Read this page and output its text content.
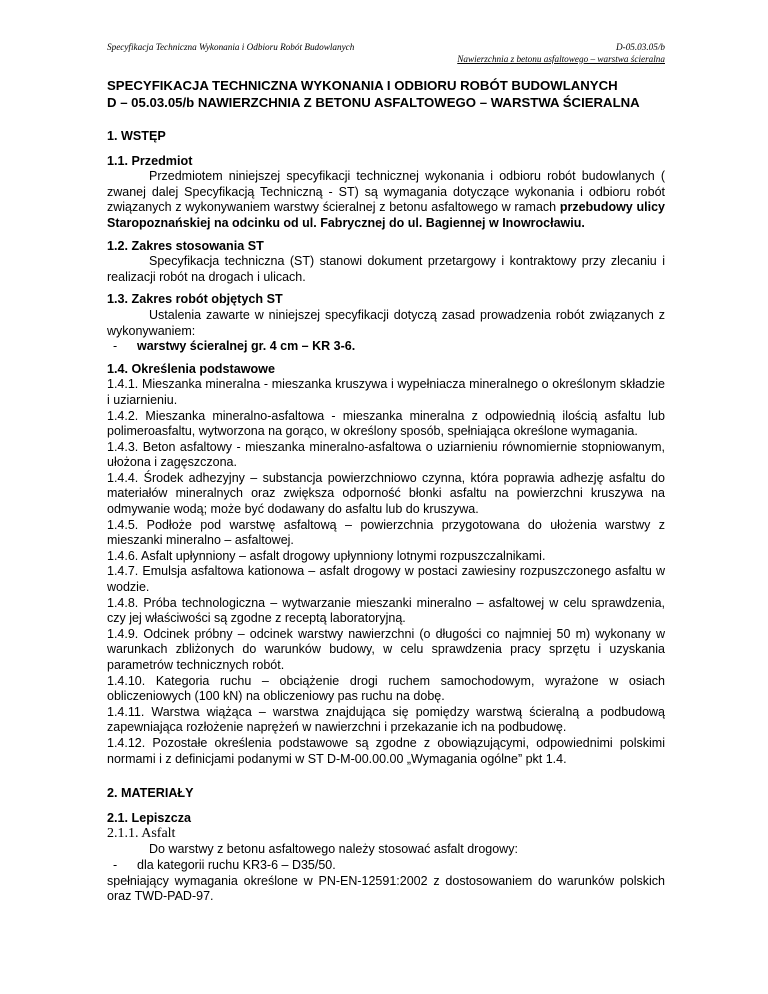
Specyfikacja Techniczna Wykonania i Odbioru Robót Budowlanych	D-05.03.05/b
Nawierzchnia z betonu asfaltowego – warstwa ścieralna

SPECYFIKACJA TECHNICZNA WYKONANIA I ODBIORU ROBÓT BUDOWLANYCH

D – 05.03.05/b NAWIERZCHNIA Z BETONU ASFALTOWEGO – WARSTWA ŚCIERALNA

1. WSTĘP

1.1. Przedmiot

Przedmiotem niniejszej specyfikacji technicznej wykonania i odbioru robót budowlanych ( zwanej dalej Specyfikacją Techniczną - ST) są wymagania dotyczące wykonania i odbioru robót związanych z wykonywaniem warstwy ścieralnej z betonu asfaltowego w ramach przebudowy ulicy Staropoznańskiej na odcinku od ul. Fabrycznej do ul. Bagiennej w Inowrocławiu.

1.2. Zakres stosowania ST

Specyfikacja techniczna (ST) stanowi dokument przetargowy i kontraktowy przy zlecaniu i realizacji robót na drogach i ulicach.

1.3. Zakres robót objętych ST

Ustalenia zawarte w niniejszej specyfikacji dotyczą zasad prowadzenia robót związanych z wykonywaniem:

- warstwy ścieralnej gr. 4 cm – KR 3-6.

1.4. Określenia podstawowe

1.4.1. Mieszanka mineralna - mieszanka kruszywa i wypełniacza mineralnego o określonym składzie i uziarnieniu.

1.4.2. Mieszanka mineralno-asfaltowa - mieszanka mineralna z odpowiednią ilością asfaltu lub polimeroasfaltu, wytworzona na gorąco, w określony sposób, spełniająca określone wymagania.

1.4.3. Beton asfaltowy - mieszanka mineralno-asfaltowa o uziarnieniu równomiernie stopniowanym, ułożona i zagęszczona.

1.4.4. Środek adhezyjny – substancja powierzchniowo czynna, która poprawia adhezję asfaltu do materiałów mineralnych oraz zwiększa odporność błonki asfaltu na powierzchni kruszywa na odmywanie wodą; może być dodawany do asfaltu lub do kruszywa.

1.4.5. Podłoże pod warstwę asfaltową – powierzchnia przygotowana do ułożenia warstwy z mieszanki mineralno – asfaltowej.

1.4.6. Asfalt upłynniony – asfalt drogowy upłynniony lotnymi rozpuszczalnikami.

1.4.7. Emulsja asfaltowa kationowa – asfalt drogowy w postaci zawiesiny rozpuszczonego asfaltu w wodzie.

1.4.8. Próba technologiczna – wytwarzanie mieszanki mineralno – asfaltowej w celu sprawdzenia, czy jej właściwości są zgodne z receptą laboratoryjną.

1.4.9. Odcinek próbny – odcinek warstwy nawierzchni (o długości co najmniej 50 m) wykonany w warunkach zbliżonych do warunków budowy, w celu sprawdzenia pracy sprzętu i uzyskania parametrów technicznych robót.

1.4.10. Kategoria ruchu – obciążenie drogi ruchem samochodowym, wyrażone w osiach obliczeniowych (100 kN) na obliczeniowy pas ruchu na dobę.

1.4.11. Warstwa wiążąca – warstwa znajdująca się pomiędzy warstwą ścieralną a podbudową zapewniająca rozłożenie naprężeń w nawierzchni i przekazanie ich na podbudowę.

1.4.12. Pozostałe określenia podstawowe są zgodne z obowiązującymi, odpowiednimi polskimi normami i z definicjami podanymi w ST D-M-00.00.00 „Wymagania ogólne” pkt 1.4.

2. MATERIAŁY

2.1. Lepiszcza

2.1.1. Asfalt

Do warstwy z betonu asfaltowego należy stosować asfalt drogowy:

- dla kategorii ruchu KR3-6 – D35/50.

spełniający wymagania określone w PN-EN-12591:2002 z dostosowaniem do warunków polskich oraz TWD-PAD-97.
